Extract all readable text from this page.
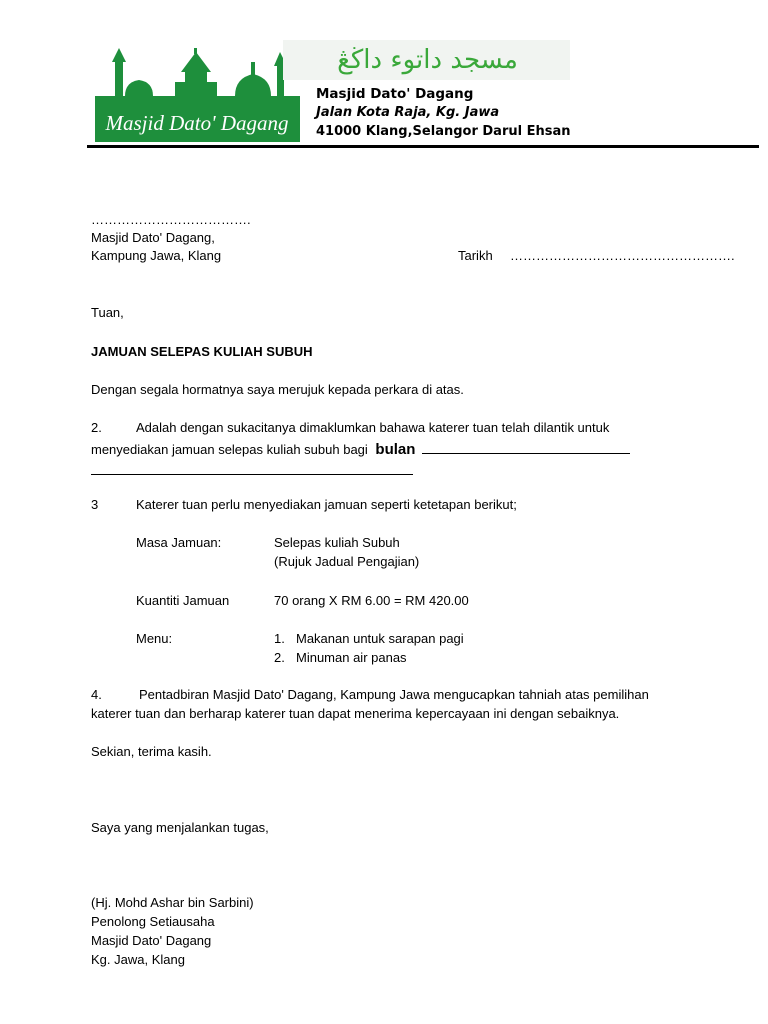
Masjid Dato' Dagang
مسجد داتوء داڬڠ
Masjid Dato' Dagang
Jalan Kota Raja, Kg. Jawa
41000 Klang,Selangor Darul Ehsan
……………………………….
Masjid Dato' Dagang,
Kampung Jawa, Klang	Tarikh …………………………………………….
Tuan,
JAMUAN SELEPAS KULIAH SUBUH
Dengan segala hormatnya saya merujuk kepada perkara di atas.
2.	Adalah dengan sukacitanya dimaklumkan bahawa katerer tuan telah dilantik untuk
menyediakan jamuan selepas kuliah subuh bagi bulan
3	Katerer tuan perlu menyediakan jamuan seperti ketetapan berikut;
Masa Jamuan:	Selepas kuliah Subuh
(Rujuk Jadual Pengajian)
Kuantiti Jamuan	70 orang X RM 6.00 = RM 420.00
Menu:	1. Makanan untuk sarapan pagi
2. Minuman air panas
4.	Pentadbiran Masjid Dato' Dagang, Kampung Jawa mengucapkan tahniah atas pemilihan
katerer tuan dan berharap katerer tuan dapat menerima kepercayaan ini dengan sebaiknya.
Sekian, terima kasih.
Saya yang menjalankan tugas,
(Hj. Mohd Ashar bin Sarbini)
Penolong Setiausaha
Masjid Dato' Dagang
Kg. Jawa, Klang
